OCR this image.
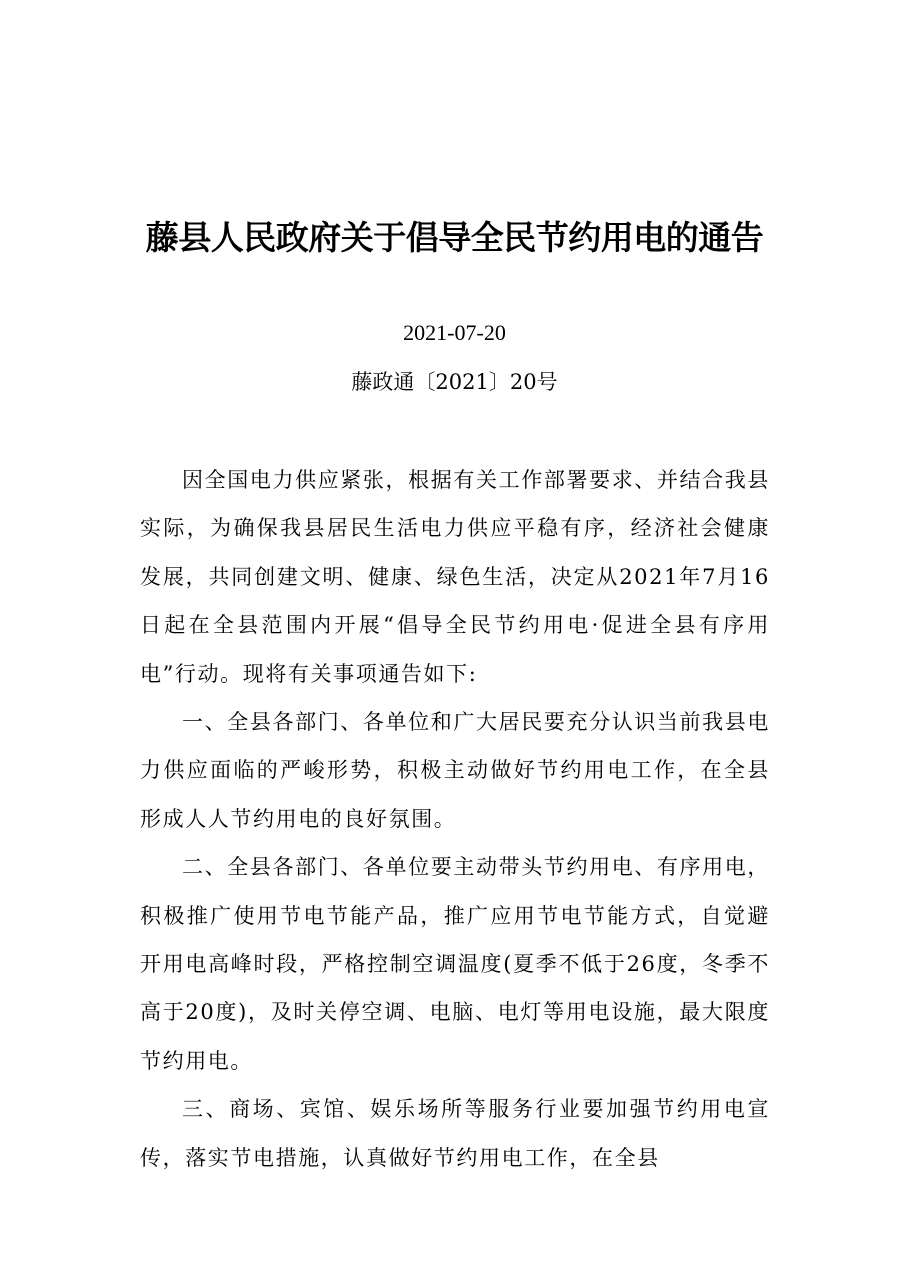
藤县人民政府关于倡导全民节约用电的通告
2021-07-20
藤政通〔2021〕20号

因全国电力供应紧张，根据有关工作部署要求、并结合我县实际，为确保我县居民生活电力供应平稳有序，经济社会健康发展，共同创建文明、健康、绿色生活，决定从2021年7月16日起在全县范围内开展“倡导全民节约用电·促进全县有序用电”行动。现将有关事项通告如下:

一、全县各部门、各单位和广大居民要充分认识当前我县电力供应面临的严峻形势，积极主动做好节约用电工作，在全县形成人人节约用电的良好氛围。

二、全县各部门、各单位要主动带头节约用电、有序用电，积极推广使用节电节能产品，推广应用节电节能方式，自觉避开用电高峰时段，严格控制空调温度(夏季不低于26度，冬季不高于20度)，及时关停空调、电脑、电灯等用电设施，最大限度节约用电。

三、商场、宾馆、娱乐场所等服务行业要加强节约用电宣传，落实节电措施，认真做好节约用电工作，在全县
